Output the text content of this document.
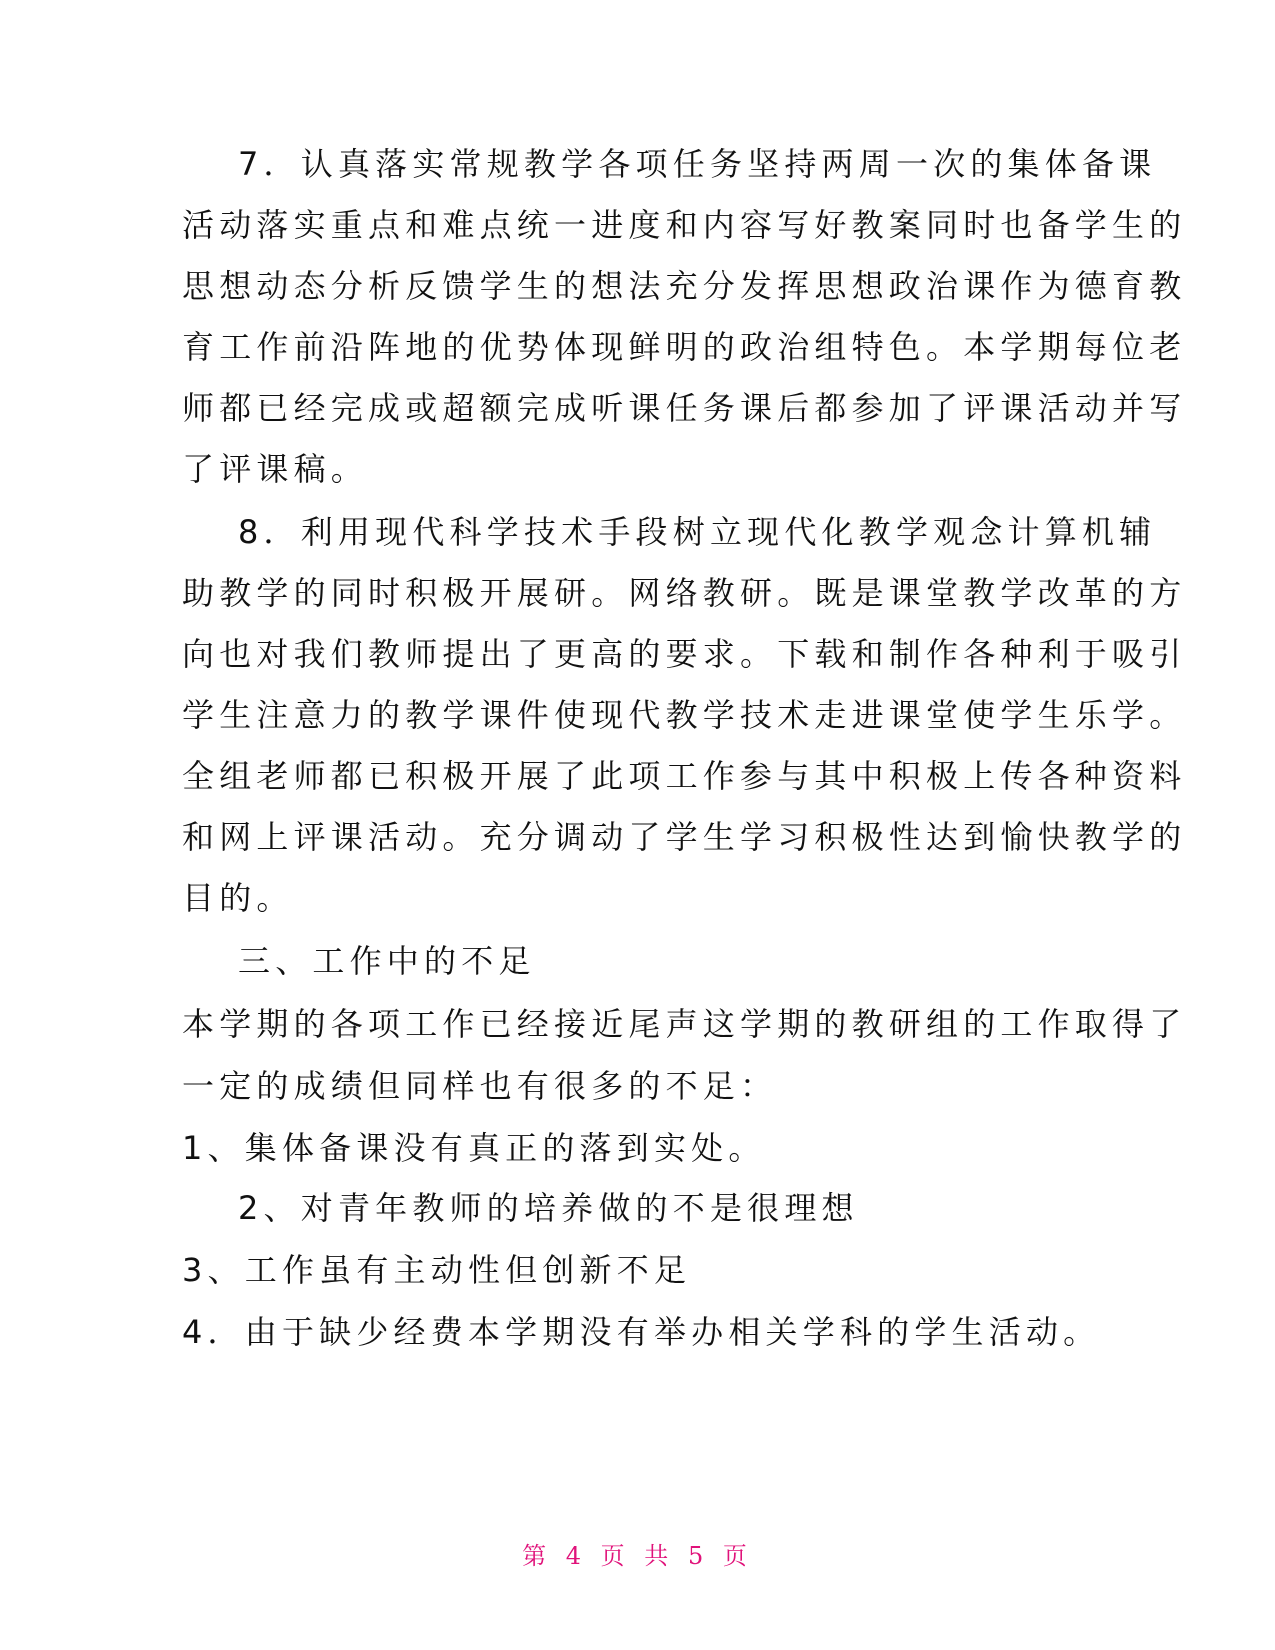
7．认真落实常规教学各项任务坚持两周一次的集体备课
活动落实重点和难点统一进度和内容写好教案同时也备学生的
思想动态分析反馈学生的想法充分发挥思想政治课作为德育教
育工作前沿阵地的优势体现鲜明的政治组特色。本学期每位老
师都已经完成或超额完成听课任务课后都参加了评课活动并写
了评课稿。
8．利用现代科学技术手段树立现代化教学观念计算机辅
助教学的同时积极开展研。网络教研。既是课堂教学改革的方
向也对我们教师提出了更高的要求。下载和制作各种利于吸引
学生注意力的教学课件使现代教学技术走进课堂使学生乐学。
全组老师都已积极开展了此项工作参与其中积极上传各种资料
和网上评课活动。充分调动了学生学习积极性达到愉快教学的
目的。
三、工作中的不足
本学期的各项工作已经接近尾声这学期的教研组的工作取得了
一定的成绩但同样也有很多的不足：
1、集体备课没有真正的落到实处。
2、对青年教师的培养做的不是很理想
3、工作虽有主动性但创新不足
4．由于缺少经费本学期没有举办相关学科的学生活动。
第 4 页 共 5 页
